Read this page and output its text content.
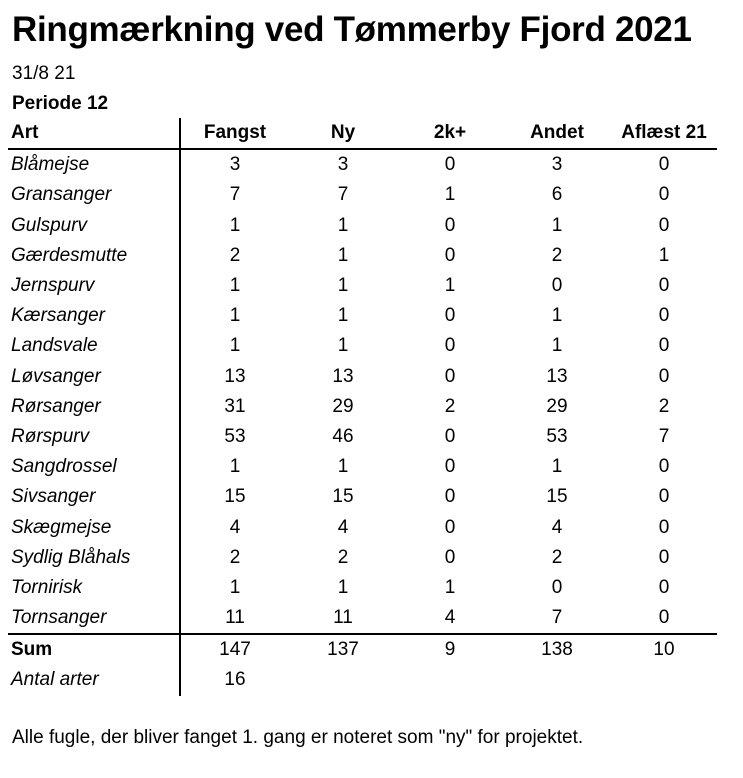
Ringmærkning ved Tømmerby Fjord 2021
31/8 21
Periode 12
Art	Fangst	Ny	2k+	Andet	Aflæst 21
Blåmejse	3	3	0	3	0
Gransanger	7	7	1	6	0
Gulspurv	1	1	0	1	0
Gærdesmutte	2	1	0	2	1
Jernspurv	1	1	1	0	0
Kærsanger	1	1	0	1	0
Landsvale	1	1	0	1	0
Løvsanger	13	13	0	13	0
Rørsanger	31	29	2	29	2
Rørspurv	53	46	0	53	7
Sangdrossel	1	1	0	1	0
Sivsanger	15	15	0	15	0
Skægmejse	4	4	0	4	0
Sydlig Blåhals	2	2	0	2	0
Tornirisk	1	1	1	0	0
Tornsanger	11	11	4	7	0
Sum	147	137	9	138	10
Antal arter	16				
Alle fugle, der bliver fanget 1. gang er noteret som "ny" for projektet.
